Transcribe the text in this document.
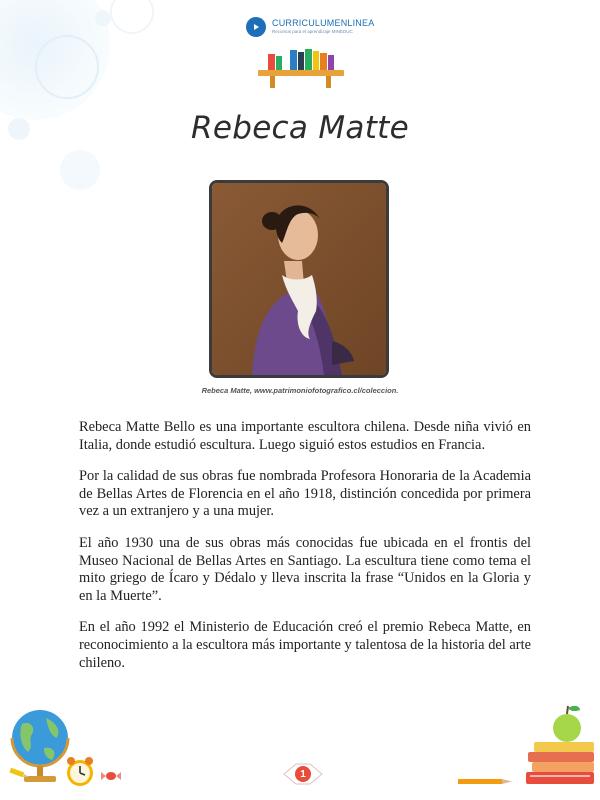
CURRICULUMENLINEA
Recursos para el aprendizaje MINEDUC
Rebeca Matte
Rebeca Matte, www.patrimoniofotografico.cl/coleccion.

Rebeca Matte Bello es una importante escultora chilena. Desde niña vivió en Italia, donde estudió escultura. Luego siguió estos estudios en Francia.

Por la calidad de sus obras fue nombrada Profesora Honoraria de la Academia de Bellas Artes de Florencia en el año 1918, distinción concedida por primera vez a un extranjero y a una mujer.

El año 1930 una de sus obras más conocidas fue ubicada en el frontis del Museo Nacional de Bellas Artes en Santiago. La escultura tiene como tema el mito griego de Ícaro y Dédalo y lleva inscrita la frase “Unidos en la Gloria y en la Muerte”.

En el año 1992 el Ministerio de Educación creó el premio Rebeca Matte, en reconocimiento a la escultora más importante y talentosa de la historia del arte chileno.

1
